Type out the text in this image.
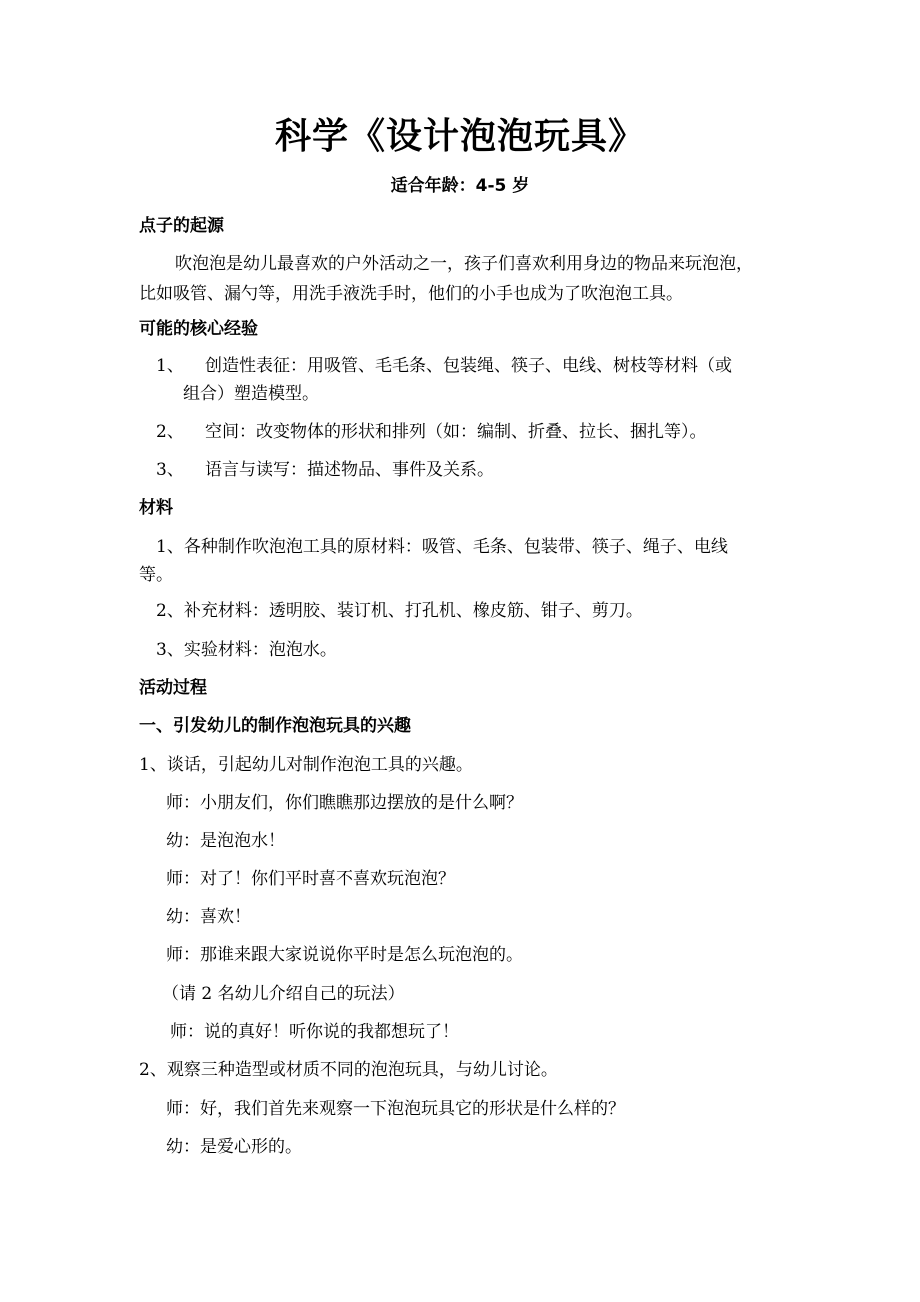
科学《设计泡泡玩具》
适合年龄：4-5 岁
点子的起源
吹泡泡是幼儿最喜欢的户外活动之一，孩子们喜欢利用身边的物品来玩泡泡，
比如吸管、漏勺等，用洗手液洗手时，他们的小手也成为了吹泡泡工具。
可能的核心经验
1、 创造性表征：用吸管、毛毛条、包装绳、筷子、电线、树枝等材料（或
组合）塑造模型。
2、 空间：改变物体的形状和排列（如：编制、折叠、拉长、捆扎等）。
3、 语言与读写：描述物品、事件及关系。
材料
1、各种制作吹泡泡工具的原材料：吸管、毛条、包装带、筷子、绳子、电线
等。
2、补充材料：透明胶、装订机、打孔机、橡皮筋、钳子、剪刀。
3、实验材料：泡泡水。
活动过程
一、引发幼儿的制作泡泡玩具的兴趣
1、谈话，引起幼儿对制作泡泡工具的兴趣。
师：小朋友们，你们瞧瞧那边摆放的是什么啊？
幼：是泡泡水！
师：对了！你们平时喜不喜欢玩泡泡？
幼：喜欢！
师：那谁来跟大家说说你平时是怎么玩泡泡的。
（请 2 名幼儿介绍自己的玩法）
师：说的真好！听你说的我都想玩了！
2、观察三种造型或材质不同的泡泡玩具，与幼儿讨论。
师：好，我们首先来观察一下泡泡玩具它的形状是什么样的？
幼：是爱心形的。
